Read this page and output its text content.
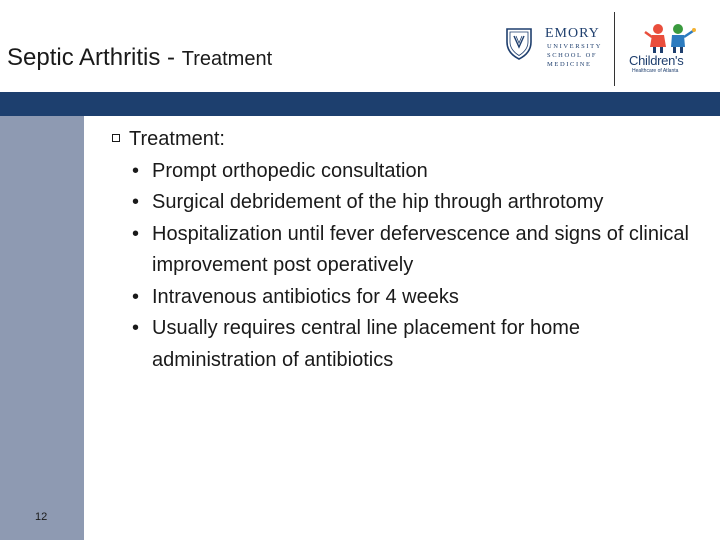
Septic Arthritis - Treatment
EMORY
UNIVERSITY
SCHOOL OF
MEDICINE	Children's
Healthcare of Atlanta
12
Treatment:
• Prompt orthopedic consultation
• Surgical debridement of the hip through arthrotomy
• Hospitalization until fever defervescence and signs of clinical improvement post operatively
• Intravenous antibiotics for 4 weeks
• Usually requires central line placement for home administration of antibiotics
